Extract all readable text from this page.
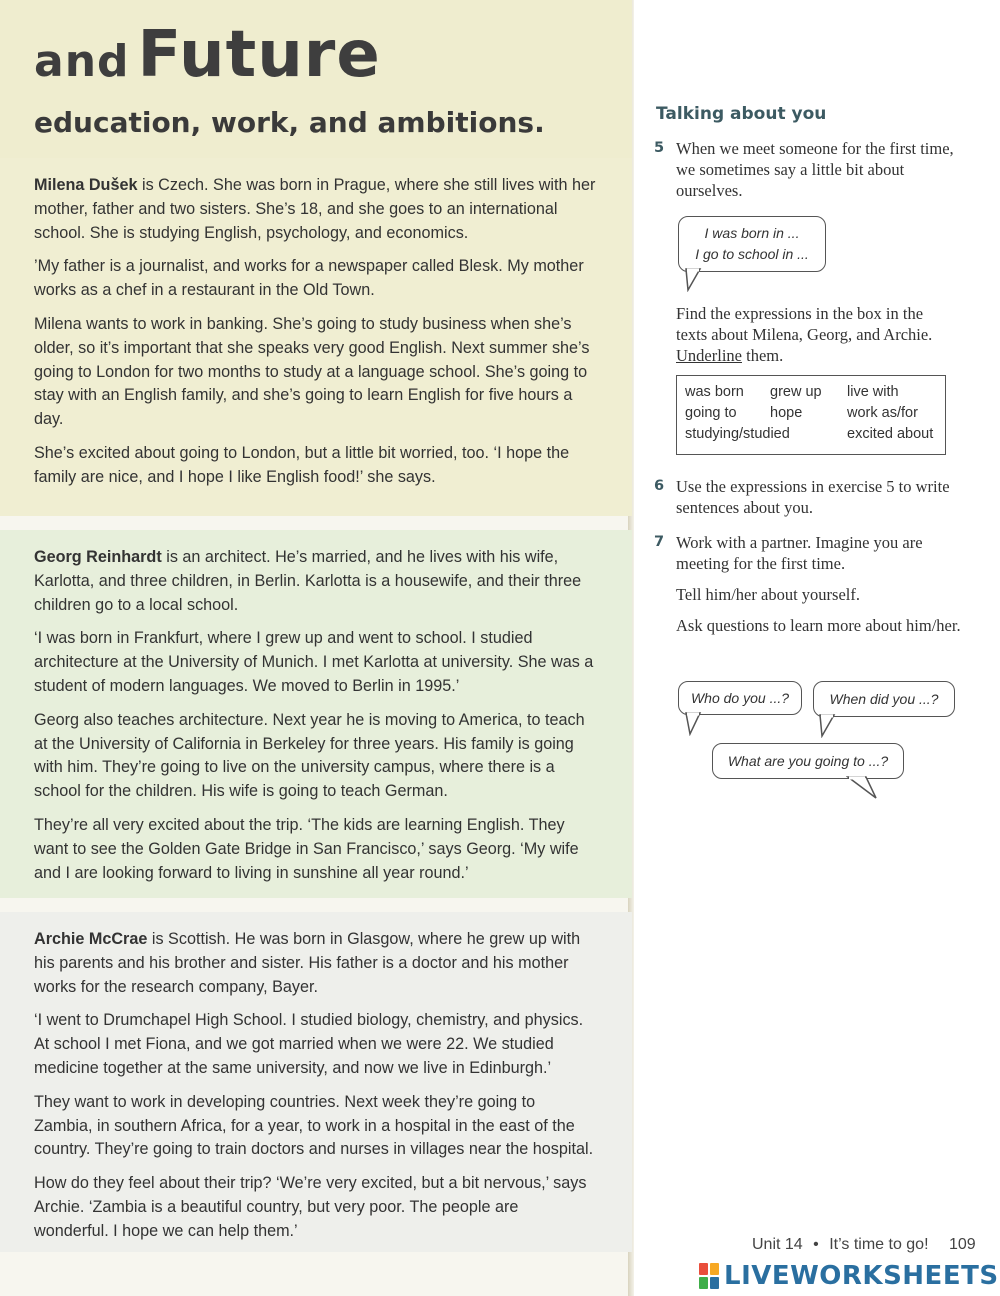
and Future
education, work, and ambitions.

Milena Dušek is Czech. She was born in Prague, where she still lives with her mother, father and two sisters. She’s 18, and she goes to an international school. She is studying English, psychology, and economics.

’My father is a journalist, and works for a newspaper called Blesk. My mother works as a chef in a restaurant in the Old Town.

Milena wants to work in banking. She’s going to study business when she’s older, so it’s important that she speaks very good English. Next summer she’s going to London for two months to study at a language school. She’s going to stay with an English family, and she’s going to learn English for five hours a day.

She’s excited about going to London, but a little bit worried, too. ‘I hope the family are nice, and I hope I like English food!’ she says.

Georg Reinhardt is an architect. He’s married, and he lives with his wife, Karlotta, and three children, in Berlin. Karlotta is a housewife, and their three children go to a local school.

‘I was born in Frankfurt, where I grew up and went to school. I studied architecture at the University of Munich. I met Karlotta at university. She was a student of modern languages. We moved to Berlin in 1995.’

Georg also teaches architecture. Next year he is moving to America, to teach at the University of California in Berkeley for three years. His family is going with him. They’re going to live on the university campus, where there is a school for the children. His wife is going to teach German.

They’re all very excited about the trip. ‘The kids are learning English. They want to see the Golden Gate Bridge in San Francisco,’ says Georg. ‘My wife and I are looking forward to living in sunshine all year round.’

Archie McCrae is Scottish. He was born in Glasgow, where he grew up with his parents and his brother and sister. His father is a doctor and his mother works for the research company, Bayer.

‘I went to Drumchapel High School. I studied biology, chemistry, and physics. At school I met Fiona, and we got married when we were 22. We studied medicine together at the same university, and now we live in Edinburgh.’

They want to work in developing countries. Next week they’re going to Zambia, in southern Africa, for a year, to work in a hospital in the east of the country. They’re going to train doctors and nurses in villages near the hospital.

How do they feel about their trip? ‘We’re very excited, but a bit nervous,’ says Archie. ‘Zambia is a beautiful country, but very poor. The people are wonderful. I hope we can help them.’

Talking about you
5 When we meet someone for the first time, we sometimes say a little bit about ourselves.

Find the expressions in the box in the texts about Milena, Georg, and Archie. Underline them.

I was born in ...
I go to school in ...
was born
going to
studying/studied
grew up
hope
live with
work as/for
excited about
6 Use the expressions in exercise 5 to write sentences about you.

7 Work with a partner. Imagine you are meeting for the first time.

Tell him/her about yourself.

Ask questions to learn more about him/her.

Who do you ...?	When did you ...?
What are you going to ...?
Unit 14 • It’s time to go! 109
LIVEWORKSHEETS
